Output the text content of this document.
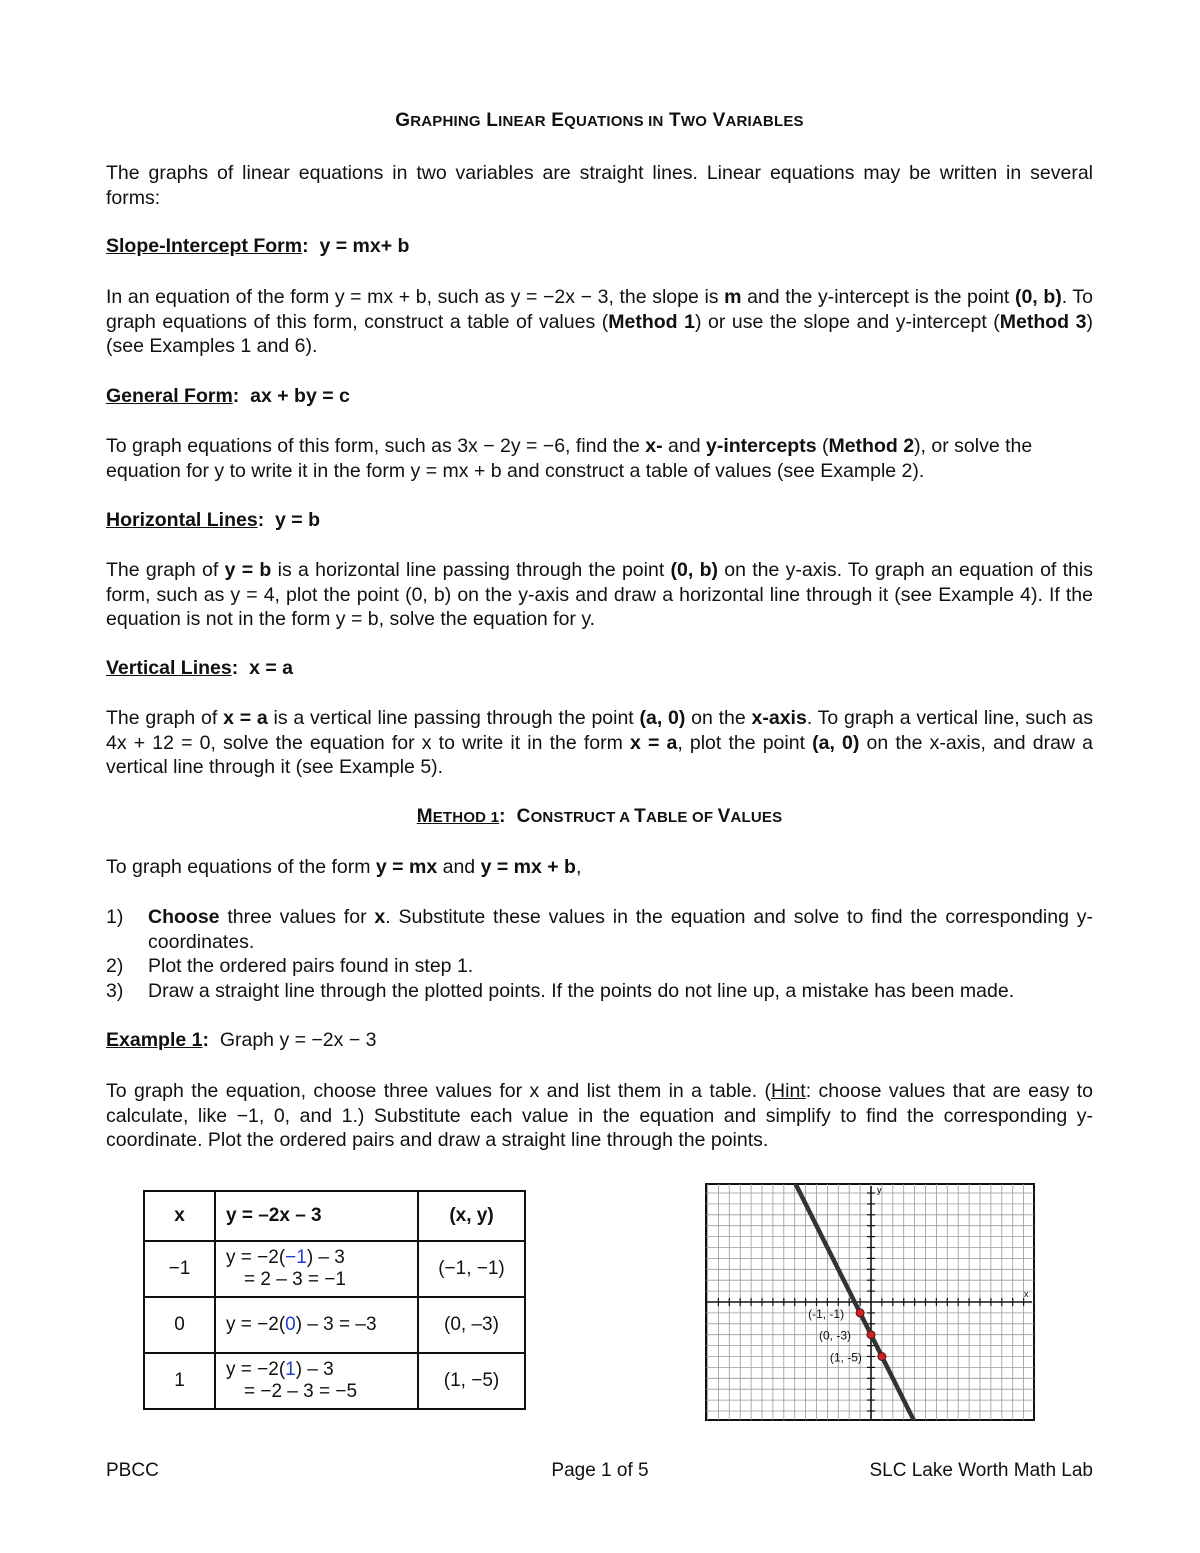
GRAPHING LINEAR EQUATIONS IN TWO VARIABLES
The graphs of linear equations in two variables are straight lines. Linear equations may be written in several forms:
Slope-Intercept Form:  y = mx+ b
In an equation of the form y = mx + b, such as y = −2x − 3, the slope is m and the y-intercept is the point (0, b). To graph equations of this form, construct a table of values (Method 1) or use the slope and y-intercept (Method 3) (see Examples 1 and 6).
General Form:  ax + by = c
To graph equations of this form, such as 3x − 2y = −6, find the x- and y-intercepts (Method 2), or solve the equation for y to write it in the form y = mx + b and construct a table of values (see Example 2).
Horizontal Lines:  y = b
The graph of y = b is a horizontal line passing through the point (0, b) on the y-axis. To graph an equation of this form, such as y = 4, plot the point (0, b) on the y-axis and draw a horizontal line through it (see Example 4). If the equation is not in the form y = b, solve the equation for y.
Vertical Lines:  x = a
The graph of x = a is a vertical line passing through the point (a, 0) on the x-axis. To graph a vertical line, such as 4x + 12 = 0, solve the equation for x to write it in the form x = a, plot the point (a, 0) on the x-axis, and draw a vertical line through it (see Example 5).
METHOD 1: CONSTRUCT A TABLE OF VALUES
To graph equations of the form y = mx and y = mx + b,
1) Choose three values for x. Substitute these values in the equation and solve to find the corresponding y-coordinates.
2) Plot the ordered pairs found in step 1.
3) Draw a straight line through the plotted points. If the points do not line up, a mistake has been made.
Example 1: Graph y = −2x − 3
To graph the equation, choose three values for x and list them in a table. (Hint: choose values that are easy to calculate, like −1, 0, and 1.) Substitute each value in the equation and simplify to find the corresponding y-coordinate. Plot the ordered pairs and draw a straight line through the points.
x	y = –2x – 3	(x, y)
−1	y = −2(−1) – 3
= 2 – 3 = −1	(−1, −1)
0	y = −2(0) – 3 = –3	(0, –3)
1	y = −2(1) – 3
= −2 – 3 = −5	(1, −5)
x
y
(-1, -1)
(0, -3)
(1, -5)
PBCC	Page 1 of 5	SLC Lake Worth Math Lab
